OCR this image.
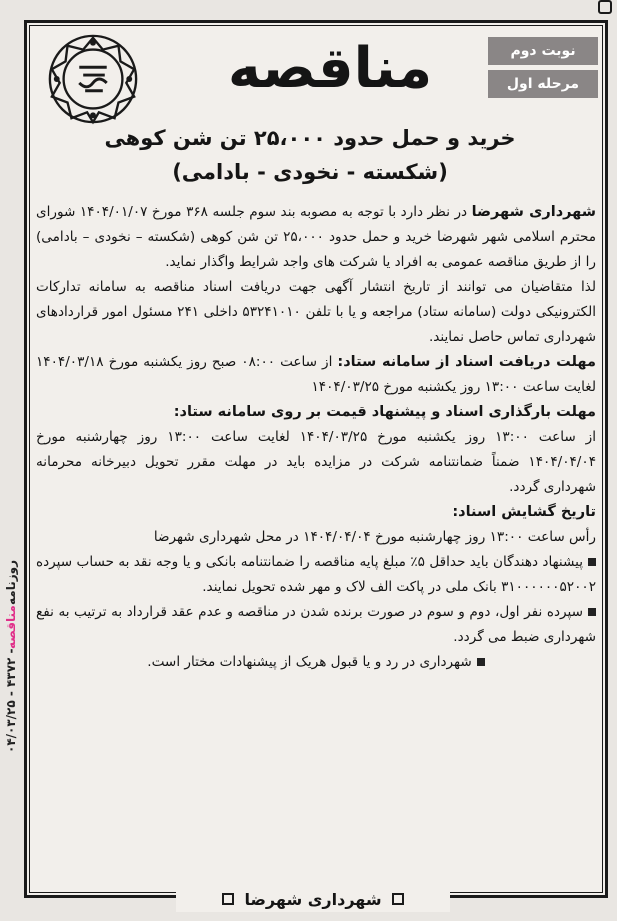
روزنامه
مناقصه
- ۴۳۷۲ - ۰۴/۰۳/۲۵
مناقصه	نوبت دوم
مرحله اول
خرید و حمل حدود ۲۵،۰۰۰ تن شن کوهی
(شکسته - نخودی - بادامی)

شهرداری شهرضا در نظر دارد با توجه به مصوبه بند سوم جلسه ۳۶۸ مورخ ۱۴۰۴/۰۱/۰۷ شورای محترم اسلامی شهر شهرضا خرید و حمل حدود ۲۵،۰۰۰ تن شن کوهی (شکسته – نخودی – بادامی) را از طریق مناقصه عمومی به افراد یا شرکت های واجد شرایط واگذار نماید.

لذا متقاضیان می توانند از تاریخ انتشار آگهی جهت دریافت اسناد مناقصه به سامانه تدارکات الکترونیکی دولت (سامانه ستاد) مراجعه و یا با تلفن ۵۳۲۴۱۰۱۰ داخلی ۲۴۱ مسئول امور قراردادهای شهرداری تماس حاصل نمایند.

مهلت دریافت اسناد از سامانه ستاد: از ساعت ۰۸:۰۰ صبح روز یکشنبه مورخ ۱۴۰۴/۰۳/۱۸ لغایت ساعت ۱۳:۰۰ روز یکشنبه مورخ ۱۴۰۴/۰۳/۲۵

مهلت بارگذاری اسناد و پیشنهاد قیمت بر روی سامانه ستاد:

از ساعت ۱۳:۰۰ روز یکشنبه مورخ ۱۴۰۴/۰۳/۲۵ لغایت ساعت ۱۳:۰۰ روز چهارشنبه مورخ ۱۴۰۴/۰۴/۰۴ ضمناً ضمانتنامه شرکت در مزایده باید در مهلت مقرر تحویل دبیرخانه محرمانه شهرداری گردد.

تاریخ گشایش اسناد:

رأس ساعت ۱۳:۰۰ روز چهارشنبه مورخ ۱۴۰۴/۰۴/۰۴ در محل شهرداری شهرضا

پیشنهاد دهندگان باید حداقل ۵٪ مبلغ پایه مناقصه را ضمانتنامه بانکی و یا وجه نقد به حساب سپرده ۳۱۰۰۰۰۰۰۵۲۰۰۲ بانک ملی در پاکت الف لاک و مهر شده تحویل نمایند.

سپرده نفر اول، دوم و سوم در صورت برنده شدن در مناقصه و عدم عقد قرارداد به ترتیب به نفع شهرداری ضبط می گردد.

شهرداری در رد و یا قبول هریک از پیشنهادات مختار است.

شهرداری شهرضا
